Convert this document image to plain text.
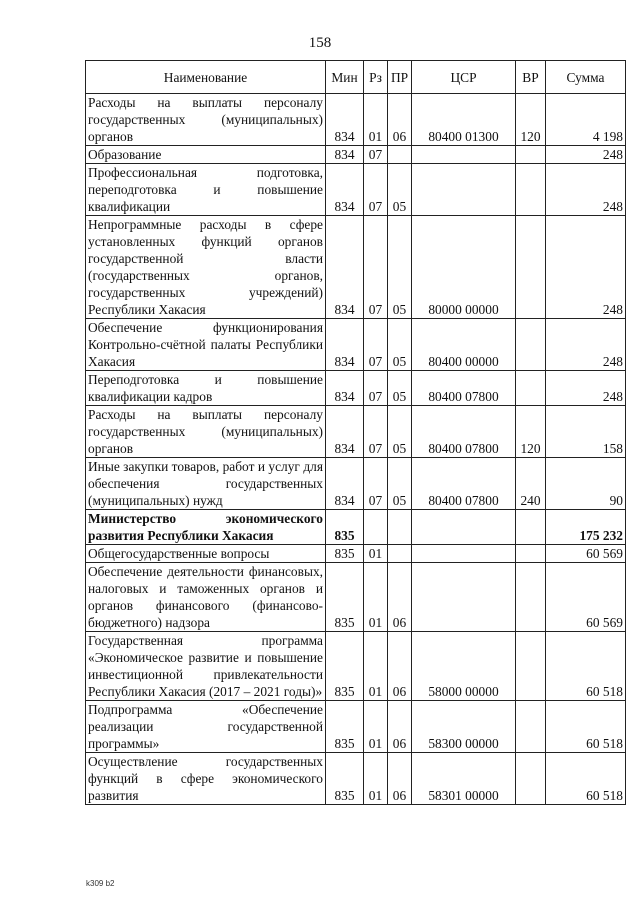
158
Наименование	Мин	Рз	ПР	ЦСР	ВР	Сумма
Расходы на выплаты персоналу государственных (муниципальных) органов	834	01	06	80400 01300	120	4 198
Образование	834	07				248
Профессиональная подготовка, переподготовка и повышение квалификации	834	07	05			248
Непрограммные расходы в сфере установленных функций органов государственной власти (государственных органов, государственных учреждений) Республики Хакасия	834	07	05	80000 00000		248
Обеспечение функционирования Контрольно-счётной палаты Республики Хакасия	834	07	05	80400 00000		248
Переподготовка и повышение квалификации кадров	834	07	05	80400 07800		248
Расходы на выплаты персоналу государственных (муниципальных) органов	834	07	05	80400 07800	120	158
Иные закупки товаров, работ и услуг для обеспечения государственных (муниципальных) нужд	834	07	05	80400 07800	240	90
Министерство экономического развития Республики Хакасия	835					175 232
Общегосударственные вопросы	835	01				60 569
Обеспечение деятельности финансовых, налоговых и таможенных органов и органов финансового (финансово-бюджетного) надзора	835	01	06			60 569
Государственная программа «Экономическое развитие и повышение инвестиционной привлекательности Республики Хакасия (2017 – 2021 годы)»	835	01	06	58000 00000		60 518
Подпрограмма «Обеспечение реализации государственной программы»	835	01	06	58300 00000		60 518
Осуществление государственных функций в сфере экономического развития	835	01	06	58301 00000		60 518
k309 b2
